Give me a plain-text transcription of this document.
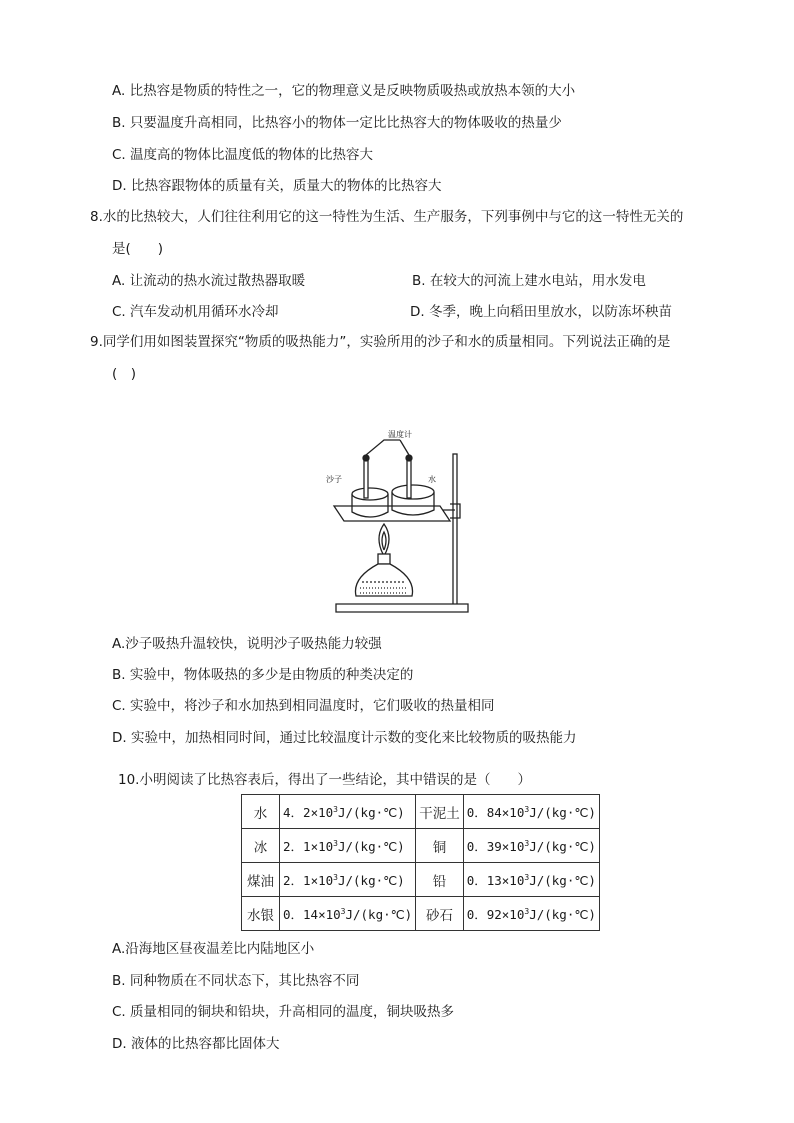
A. 比热容是物质的特性之一，它的物理意义是反映物质吸热或放热本领的大小
B. 只要温度升高相同，比热容小的物体一定比比热容大的物体吸收的热量少
C. 温度高的物体比温度低的物体的比热容大
D. 比热容跟物体的质量有关，质量大的物体的比热容大
8.水的比热较大，人们往往利用它的这一特性为生活、生产服务，下列事例中与它的这一特性无关的
是(　　)
A. 让流动的热水流过散热器取暖	B. 在较大的河流上建水电站，用水发电
C. 汽车发动机用循环水冷却	D. 冬季，晚上向稻田里放水，以防冻坏秧苗
9.同学们用如图装置探究“物质的吸热能力”，实验所用的沙子和水的质量相同。下列说法正确的是
(　)
温度计
沙子	水
A.沙子吸热升温较快，说明沙子吸热能力较强
B. 实验中，物体吸热的多少是由物质的种类决定的
C. 实验中，将沙子和水加热到相同温度时，它们吸收的热量相同
D. 实验中，加热相同时间，通过比较温度计示数的变化来比较物质的吸热能力
10.小明阅读了比热容表后，得出了一些结论，其中错误的是（　　）
水	4．$2\times 10^3J/(kg\cdot℃)$	干泥土	0．$84\times 10^3J/(kg\cdot℃)$
冰	2．$1\times 10^3J/(kg\cdot℃)$	铜	0．$39\times 10^3J/(kg\cdot℃)$
煤油	2．$1\times 10^3J/(kg\cdot℃)$	铅	0．$13\times 10^3J/(kg\cdot℃)$
水银	0．$14\times 10^3J/(kg\cdot℃)$	砂石	0．$92\times 10^3J/(kg\cdot℃)$
A.沿海地区昼夜温差比内陆地区小
B. 同种物质在不同状态下，其比热容不同
C. 质量相同的铜块和铅块，升高相同的温度，铜块吸热多
D. 液体的比热容都比固体大
